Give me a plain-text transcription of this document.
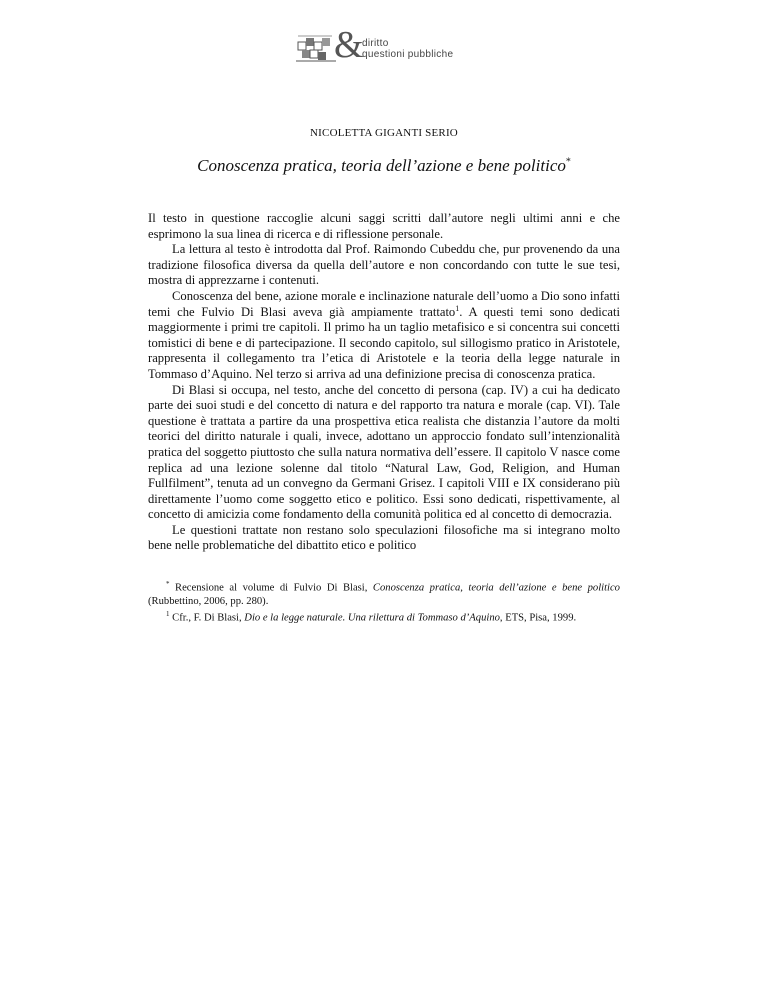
&
diritto
questioni pubbliche
NICOLETTA GIGANTI SERIO
Conoscenza pratica, teoria dell’azione e bene politico*

Il testo in questione raccoglie alcuni saggi scritti dall’autore negli ultimi anni e che esprimono la sua linea di ricerca e di riflessione personale.

La lettura al testo è introdotta dal Prof. Raimondo Cubeddu che, pur provenendo da una tradizione filosofica diversa da quella dell’autore e non concordando con tutte le sue tesi, mostra di apprezzarne i contenuti.

Conoscenza del bene, azione morale e inclinazione naturale dell’uomo a Dio sono infatti temi che Fulvio Di Blasi aveva già ampiamente trattato$^1$. A questi temi sono dedicati maggiormente i primi tre capitoli. Il primo ha un taglio metafisico e si concentra sui concetti tomistici di bene e di partecipazione. Il secondo capitolo, sul sillogismo pratico in Aristotele, rappresenta il collegamento tra l’etica di Aristotele e la teoria della legge naturale in Tommaso d’Aquino. Nel terzo si arriva ad una definizione precisa di conoscenza pratica.

Di Blasi si occupa, nel testo, anche del concetto di persona (cap. IV) a cui ha dedicato parte dei suoi studi e del concetto di natura e del rapporto tra natura e morale (cap. VI). Tale questione è trattata a partire da una prospettiva etica realista che distanzia l’autore da molti teorici del diritto naturale i quali, invece, adottano un approccio fondato sull’intenzionalità pratica del soggetto piuttosto che sulla natura normativa dell’essere. Il capitolo V nasce come replica ad una lezione solenne dal titolo “Natural Law, God, Religion, and Human Fullfilment”, tenuta ad un convegno da Germani Grisez. I capitoli VIII e IX considerano più direttamente l’uomo come soggetto etico e politico. Essi sono dedicati, rispettivamente, al concetto di amicizia come fondamento della comunità politica ed al concetto di democrazia.

Le questioni trattate non restano solo speculazioni filosofiche ma si integrano molto bene nelle problematiche del dibattito etico e politico

* Recensione al volume di Fulvio Di Blasi, Conoscenza pratica, teoria dell’azione e bene politico (Rubbettino, 2006, pp. 280).

$^1$ Cfr., F. Di Blasi, Dio e la legge naturale. Una rilettura di Tommaso d’Aquino, ETS, Pisa, 1999.
